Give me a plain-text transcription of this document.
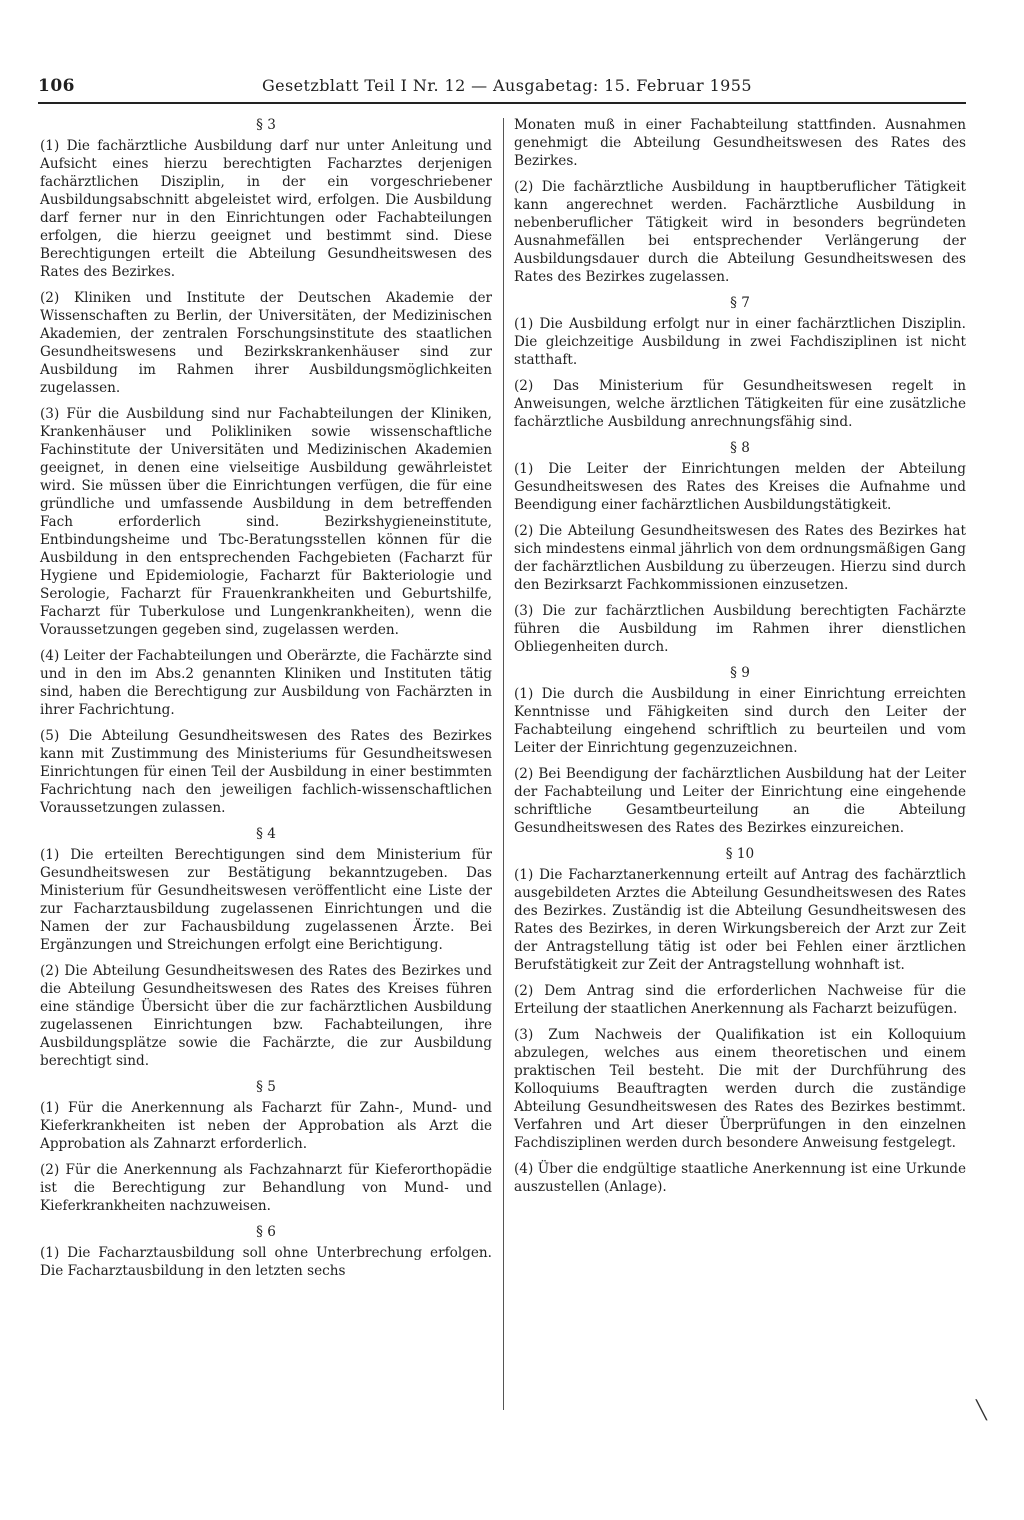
106	Gesetzblatt Teil I Nr. 12 — Ausgabetag: 15. Februar 1955

§ 3

(1) Die fachärztliche Ausbildung darf nur unter Anleitung und Aufsicht eines hierzu berechtigten Facharztes derjenigen fachärztlichen Disziplin, in der ein vorgeschriebener Ausbildungsabschnitt abgeleistet wird, erfolgen. Die Ausbildung darf ferner nur in den Einrichtungen oder Fachabteilungen erfolgen, die hierzu geeignet und bestimmt sind. Diese Berechtigungen erteilt die Abteilung Gesundheitswesen des Rates des Bezirkes.

(2) Kliniken und Institute der Deutschen Akademie der Wissenschaften zu Berlin, der Universitäten, der Medizinischen Akademien, der zentralen Forschungsinstitute des staatlichen Gesundheitswesens und Bezirkskrankenhäuser sind zur Ausbildung im Rahmen ihrer Ausbildungsmöglichkeiten zugelassen.

(3) Für die Ausbildung sind nur Fachabteilungen der Kliniken, Krankenhäuser und Polikliniken sowie wissenschaftliche Fachinstitute der Universitäten und Medizinischen Akademien geeignet, in denen eine vielseitige Ausbildung gewährleistet wird. Sie müssen über die Einrichtungen verfügen, die für eine gründliche und umfassende Ausbildung in dem betreffenden Fach erforderlich sind. Bezirkshygieneinstitute, Entbindungsheime und Tbc-Beratungsstellen können für die Ausbildung in den entsprechenden Fachgebieten (Facharzt für Hygiene und Epidemiologie, Facharzt für Bakteriologie und Serologie, Facharzt für Frauenkrankheiten und Geburtshilfe, Facharzt für Tuberkulose und Lungenkrankheiten), wenn die Voraussetzungen gegeben sind, zugelassen werden.

(4) Leiter der Fachabteilungen und Oberärzte, die Fachärzte sind und in den im Abs.2 genannten Kliniken und Instituten tätig sind, haben die Berechtigung zur Ausbildung von Fachärzten in ihrer Fachrichtung.

(5) Die Abteilung Gesundheitswesen des Rates des Bezirkes kann mit Zustimmung des Ministeriums für Gesundheitswesen Einrichtungen für einen Teil der Ausbildung in einer bestimmten Fachrichtung nach den jeweiligen fachlich-wissenschaftlichen Voraussetzungen zulassen.

§ 4

(1) Die erteilten Berechtigungen sind dem Ministerium für Gesundheitswesen zur Bestätigung bekanntzugeben. Das Ministerium für Gesundheitswesen veröffentlicht eine Liste der zur Facharztausbildung zugelassenen Einrichtungen und die Namen der zur Fachausbildung zugelassenen Ärzte. Bei Ergänzungen und Streichungen erfolgt eine Berichtigung.

(2) Die Abteilung Gesundheitswesen des Rates des Bezirkes und die Abteilung Gesundheitswesen des Rates des Kreises führen eine ständige Übersicht über die zur fachärztlichen Ausbildung zugelassenen Einrichtungen bzw. Fachabteilungen, ihre Ausbildungsplätze sowie die Fachärzte, die zur Ausbildung berechtigt sind.

§ 5

(1) Für die Anerkennung als Facharzt für Zahn-, Mund- und Kieferkrankheiten ist neben der Approbation als Arzt die Approbation als Zahnarzt erforderlich.

(2) Für die Anerkennung als Fachzahnarzt für Kieferorthopädie ist die Berechtigung zur Behandlung von Mund- und Kieferkrankheiten nachzuweisen.

§ 6

(1) Die Facharztausbildung soll ohne Unterbrechung erfolgen. Die Facharztausbildung in den letzten sechs

Monaten muß in einer Fachabteilung stattfinden. Ausnahmen genehmigt die Abteilung Gesundheitswesen des Rates des Bezirkes.

(2) Die fachärztliche Ausbildung in hauptberuflicher Tätigkeit kann angerechnet werden. Fachärztliche Ausbildung in nebenberuflicher Tätigkeit wird in besonders begründeten Ausnahmefällen bei entsprechender Verlängerung der Ausbildungsdauer durch die Abteilung Gesundheitswesen des Rates des Bezirkes zugelassen.

§ 7

(1) Die Ausbildung erfolgt nur in einer fachärztlichen Disziplin. Die gleichzeitige Ausbildung in zwei Fachdisziplinen ist nicht statthaft.

(2) Das Ministerium für Gesundheitswesen regelt in Anweisungen, welche ärztlichen Tätigkeiten für eine zusätzliche fachärztliche Ausbildung anrechnungsfähig sind.

§ 8

(1) Die Leiter der Einrichtungen melden der Abteilung Gesundheitswesen des Rates des Kreises die Aufnahme und Beendigung einer fachärztlichen Ausbildungstätigkeit.

(2) Die Abteilung Gesundheitswesen des Rates des Bezirkes hat sich mindestens einmal jährlich von dem ordnungsmäßigen Gang der fachärztlichen Ausbildung zu überzeugen. Hierzu sind durch den Bezirksarzt Fachkommissionen einzusetzen.

(3) Die zur fachärztlichen Ausbildung berechtigten Fachärzte führen die Ausbildung im Rahmen ihrer dienstlichen Obliegenheiten durch.

§ 9

(1) Die durch die Ausbildung in einer Einrichtung erreichten Kenntnisse und Fähigkeiten sind durch den Leiter der Fachabteilung eingehend schriftlich zu beurteilen und vom Leiter der Einrichtung gegenzuzeichnen.

(2) Bei Beendigung der fachärztlichen Ausbildung hat der Leiter der Fachabteilung und Leiter der Einrichtung eine eingehende schriftliche Gesamtbeurteilung an die Abteilung Gesundheitswesen des Rates des Bezirkes einzureichen.

§ 10

(1) Die Facharztanerkennung erteilt auf Antrag des fachärztlich ausgebildeten Arztes die Abteilung Gesundheitswesen des Rates des Bezirkes. Zuständig ist die Abteilung Gesundheitswesen des Rates des Bezirkes, in deren Wirkungsbereich der Arzt zur Zeit der Antragstellung tätig ist oder bei Fehlen einer ärztlichen Berufstätigkeit zur Zeit der Antragstellung wohnhaft ist.

(2) Dem Antrag sind die erforderlichen Nachweise für die Erteilung der staatlichen Anerkennung als Facharzt beizufügen.

(3) Zum Nachweis der Qualifikation ist ein Kolloquium abzulegen, welches aus einem theoretischen und einem praktischen Teil besteht. Die mit der Durchführung des Kolloquiums Beauftragten werden durch die zuständige Abteilung Gesundheitswesen des Rates des Bezirkes bestimmt. Verfahren und Art dieser Überprüfungen in den einzelnen Fachdisziplinen werden durch besondere Anweisung festgelegt.

(4) Über die endgültige staatliche Anerkennung ist eine Urkunde auszustellen (Anlage).

╲
